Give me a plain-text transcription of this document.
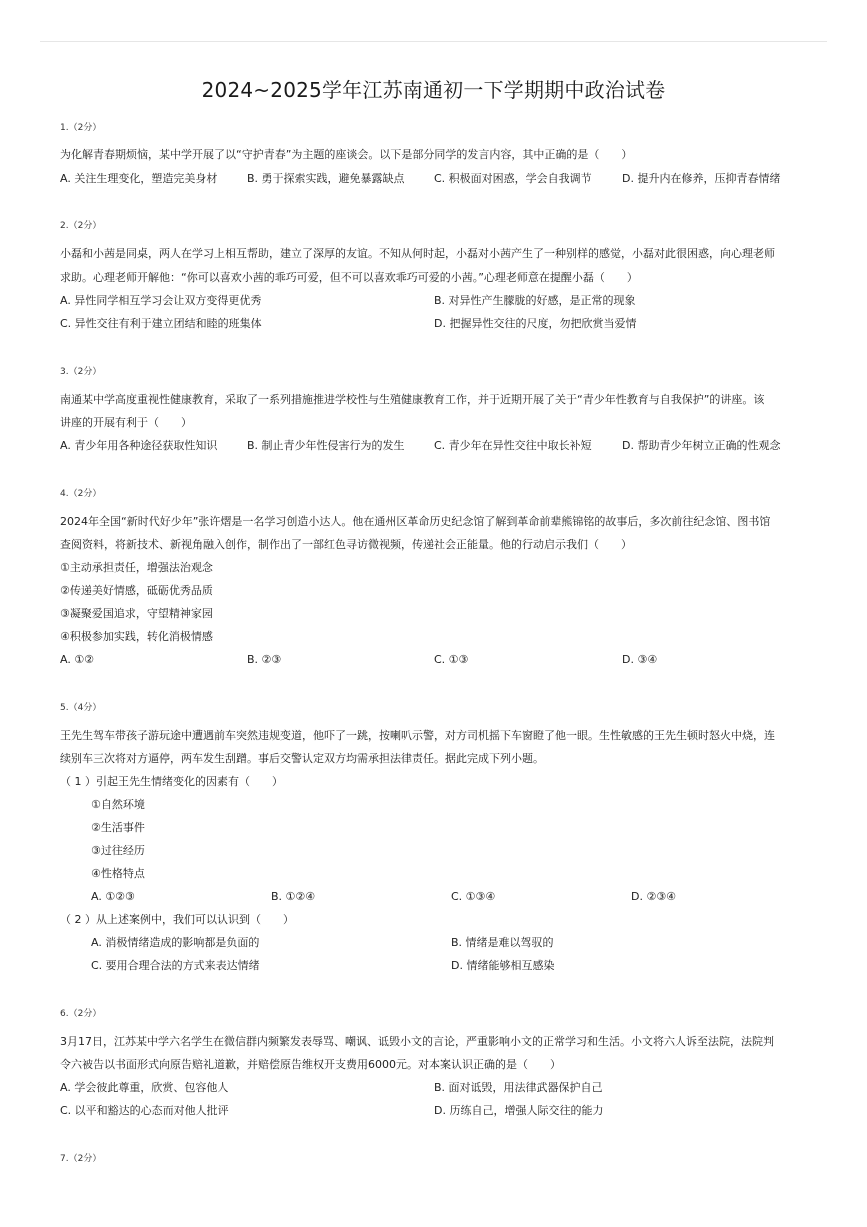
2024~2025学年江苏南通初一下学期期中政治试卷
1.（2分）
为化解青春期烦恼，某中学开展了以“守护青春”为主题的座谈会。以下是部分同学的发言内容，其中正确的是（　　）
A. 关注生理变化，塑造完美身材	B. 勇于探索实践，避免暴露缺点	C. 积极面对困惑，学会自我调节	D. 提升内在修养，压抑青春情绪
2.（2分）
小磊和小茜是同桌，两人在学习上相互帮助，建立了深厚的友谊。不知从何时起，小磊对小茜产生了一种别样的感觉，小磊对此很困惑，向心理老师
求助。心理老师开解他：“你可以喜欢小茜的乖巧可爱，但不可以喜欢乖巧可爱的小茜。”心理老师意在提醒小磊（　　）
A. 异性同学相互学习会让双方变得更优秀	B. 对异性产生朦胧的好感，是正常的现象
C. 异性交往有利于建立团结和睦的班集体	D. 把握异性交往的尺度，勿把欣赏当爱情
3.（2分）
南通某中学高度重视性健康教育，采取了一系列措施推进学校性与生殖健康教育工作，并于近期开展了关于“青少年性教育与自我保护”的讲座。该
讲座的开展有利于（　　）
A. 青少年用各种途径获取性知识	B. 制止青少年性侵害行为的发生	C. 青少年在异性交往中取长补短	D. 帮助青少年树立正确的性观念
4.（2分）
2024年全国“新时代好少年”张许熠是一名学习创造小达人。他在通州区革命历史纪念馆了解到革命前辈熊锦铭的故事后，多次前往纪念馆、图书馆
查阅资料，将新技术、新视角融入创作，制作出了一部红色寻访微视频，传递社会正能量。他的行动启示我们（　　）
①主动承担责任，增强法治观念
②传递美好情感，砥砺优秀品质
③凝聚爱国追求，守望精神家园
④积极参加实践，转化消极情感
A. ①②	B. ②③	C. ①③	D. ③④
5.（4分）
王先生驾车带孩子游玩途中遭遇前车突然违规变道，他吓了一跳，按喇叭示警，对方司机摇下车窗瞪了他一眼。生性敏感的王先生顿时怒火中烧，连
续别车三次将对方逼停，两车发生刮蹭。事后交警认定双方均需承担法律责任。据此完成下列小题。
（ 1 ）引起王先生情绪变化的因素有（　　）
①自然环境
②生活事件
③过往经历
④性格特点
A. ①②③	B. ①②④	C. ①③④	D. ②③④
（ 2 ）从上述案例中，我们可以认识到（　　）
A. 消极情绪造成的影响都是负面的	B. 情绪是难以驾驭的
C. 要用合理合法的方式来表达情绪	D. 情绪能够相互感染
6.（2分）
3月17日，江苏某中学六名学生在微信群内频繁发表辱骂、嘲讽、诋毁小文的言论，严重影响小文的正常学习和生活。小文将六人诉至法院，法院判
令六被告以书面形式向原告赔礼道歉，并赔偿原告维权开支费用6000元。对本案认识正确的是（　　）
A. 学会彼此尊重，欣赏、包容他人	B. 面对诋毁，用法律武器保护自己
C. 以平和豁达的心态而对他人批评	D. 历练自己，增强人际交往的能力
7.（2分）
